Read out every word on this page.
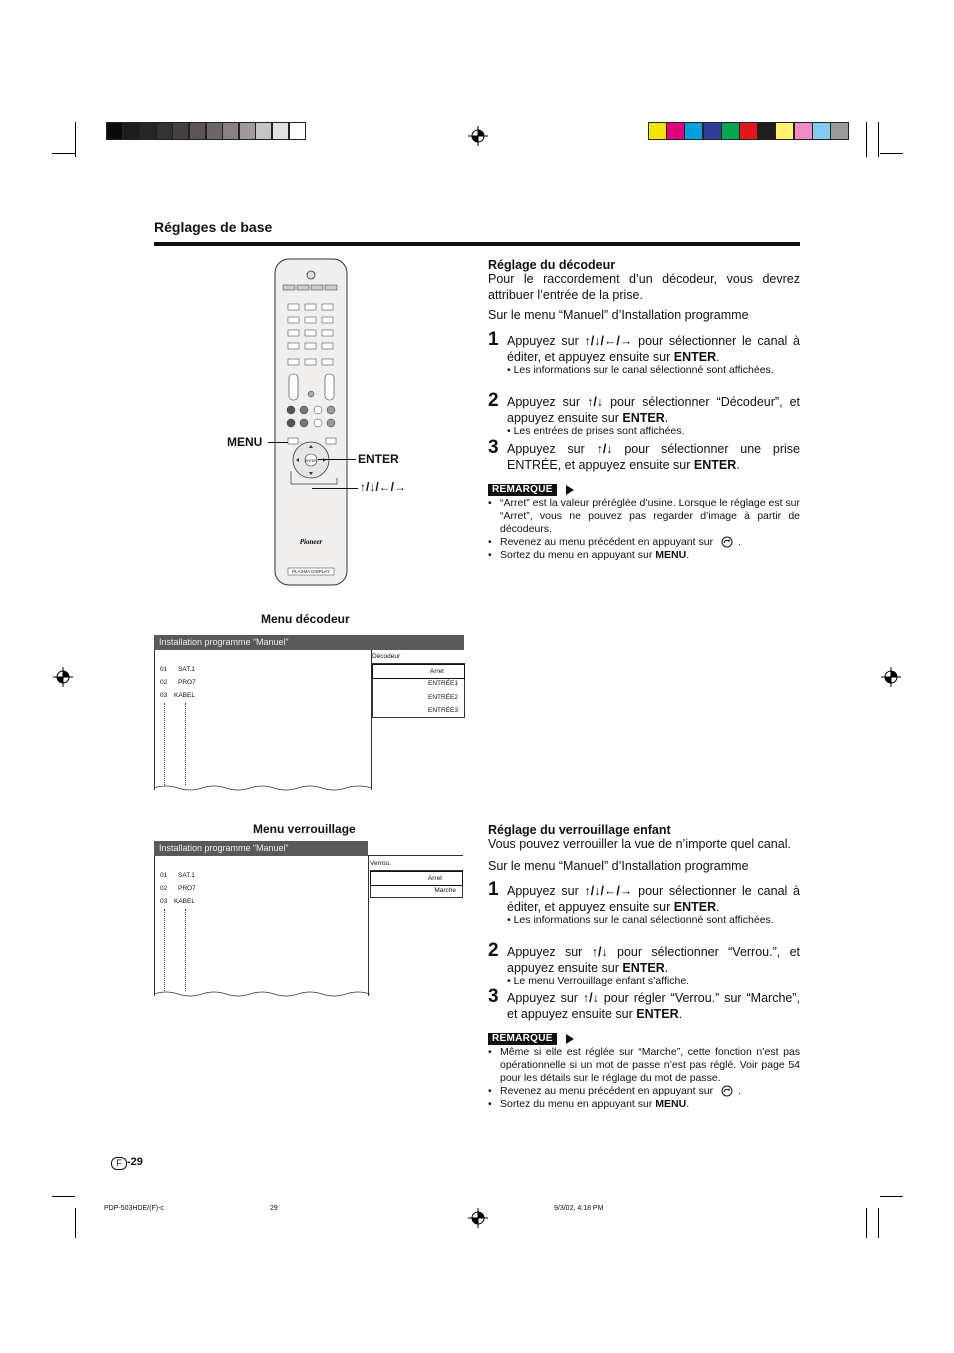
Réglages de base
ENTER
Pioneer
PLASMA DISPLAY
MENU
ENTER
↑/↓/←/→
Réglage du décodeur
Pour le raccordement d’un décodeur, vous devrez attribuer l’entrée de la prise.
Sur le menu “Manuel” d’Installation programme
1 Appuyez sur ↑/↓/←/→ pour sélectionner le canal à éditer, et appuyez ensuite sur ENTER.
• Les informations sur le canal sélectionné sont affichées.
2 Appuyez sur ↑/↓ pour sélectionner “Décodeur”, et appuyez ensuite sur ENTER.
• Les entrées de prises sont affichées.
3 Appuyez sur ↑/↓ pour sélectionner une prise ENTRÉE, et appuyez ensuite sur ENTER.
REMARQUE
• “Arret” est la valeur préréglée d’usine. Lorsque le réglage est sur “Arret”, vous ne pouvez pas regarder d’image à partir de décodeurs.
• Revenez au menu précédent en appuyant sur .
• Sortez du menu en appuyant sur
MENU .
Menu décodeur
Installation programme “Manuel”
Décodeur
Arret
ENTRÉE1
ENTRÉE2
ENTRÉE3
01 SAT.1
02 PRO7
03 KABEL
Réglage du verrouillage enfant
Vous pouvez verrouiller la vue de n’importe quel canal.
Sur le menu “Manuel” d’Installation programme
1 Appuyez sur ↑/↓/←/→ pour sélectionner le canal à éditer, et appuyez ensuite sur ENTER.
• Les informations sur le canal sélectionné sont affichées.
2 Appuyez sur ↑/↓ pour sélectionner “Verrou.”, et appuyez ensuite sur ENTER.
• Le menu Verrouillage enfant s’affiche.
3 Appuyez sur ↑/↓ pour régler “Verrou.” sur “Marche”, et appuyez ensuite sur ENTER.
REMARQUE
• Même si elle est réglée sur “Marche”, cette fonction n’est pas opérationnelle si un mot de passe n’est pas réglé. Voir page 54 pour les détails sur le réglage du mot de passe.
• Revenez au menu précédent en appuyant sur .
• Sortez du menu en appuyant sur
MENU .
Menu verrouillage
Installation programme “Manuel”
Verrou.
Arret
Marche
01 SAT.1
02 PRO7
03 KABEL
F -29
PDP-503HDE/(F)-c	29	9/3/02, 4:18 PM
